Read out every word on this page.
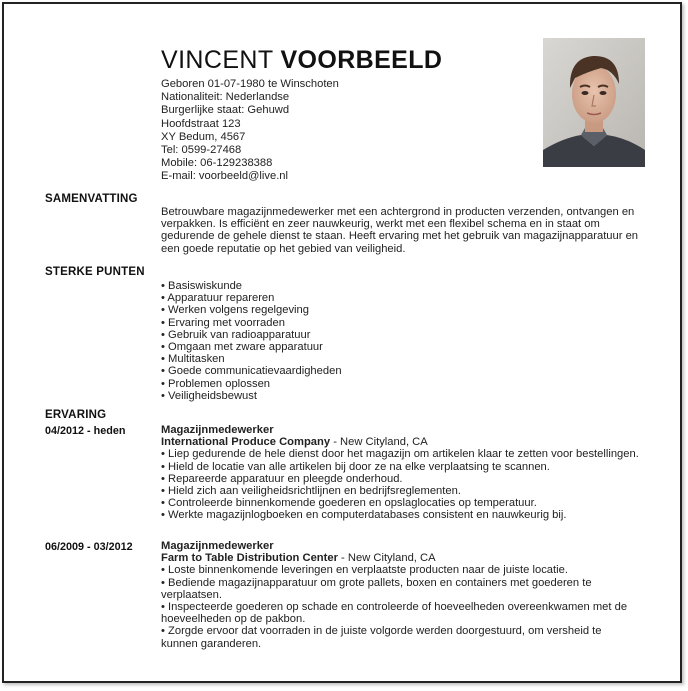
VINCENT VOORBEELD
Geboren 01-07-1980 te Winschoten
Nationaliteit: Nederlandse
Burgerlijke staat: Gehuwd
Hoofdstraat 123
XY Bedum, 4567
Tel: 0599-27468
Mobile: 06-129238388
E-mail: voorbeeld@live.nl
SAMENVATTING
Betrouwbare magazijnmedewerker met een achtergrond in producten verzenden, ontvangen en verpakken. Is efficiënt en zeer nauwkeurig, werkt met een flexibel schema en in staat om gedurende de gehele dienst te staan. Heeft ervaring met het gebruik van magazijnapparatuur en een goede reputatie op het gebied van veiligheid.
STERKE PUNTEN
• Basiswiskunde
• Apparatuur repareren
• Werken volgens regelgeving
• Ervaring met voorraden
• Gebruik van radioapparatuur
• Omgaan met zware apparatuur
• Multitasken
• Goede communicatievaardigheden
• Problemen oplossen
• Veiligheidsbewust
ERVARING
04/2012 - heden	Magazijnmedewerker
International Produce Company - New Cityland, CA
• Liep gedurende de hele dienst door het magazijn om artikelen klaar te zetten voor bestellingen.
• Hield de locatie van alle artikelen bij door ze na elke verplaatsing te scannen.
• Repareerde apparatuur en pleegde onderhoud.
• Hield zich aan veiligheidsrichtlijnen en bedrijfsreglementen.
• Controleerde binnenkomende goederen en opslaglocaties op temperatuur.
• Werkte magazijnlogboeken en computerdatabases consistent en nauwkeurig bij.
06/2009 - 03/2012	Magazijnmedewerker
Farm to Table Distribution Center - New Cityland, CA
• Loste binnenkomende leveringen en verplaatste producten naar de juiste locatie.
• Bediende magazijnapparatuur om grote pallets, boxen en containers met goederen te verplaatsen.
• Inspecteerde goederen op schade en controleerde of hoeveelheden overeenkwamen met de hoeveelheden op de pakbon.
• Zorgde ervoor dat voorraden in de juiste volgorde werden doorgestuurd, om versheid te kunnen garanderen.
